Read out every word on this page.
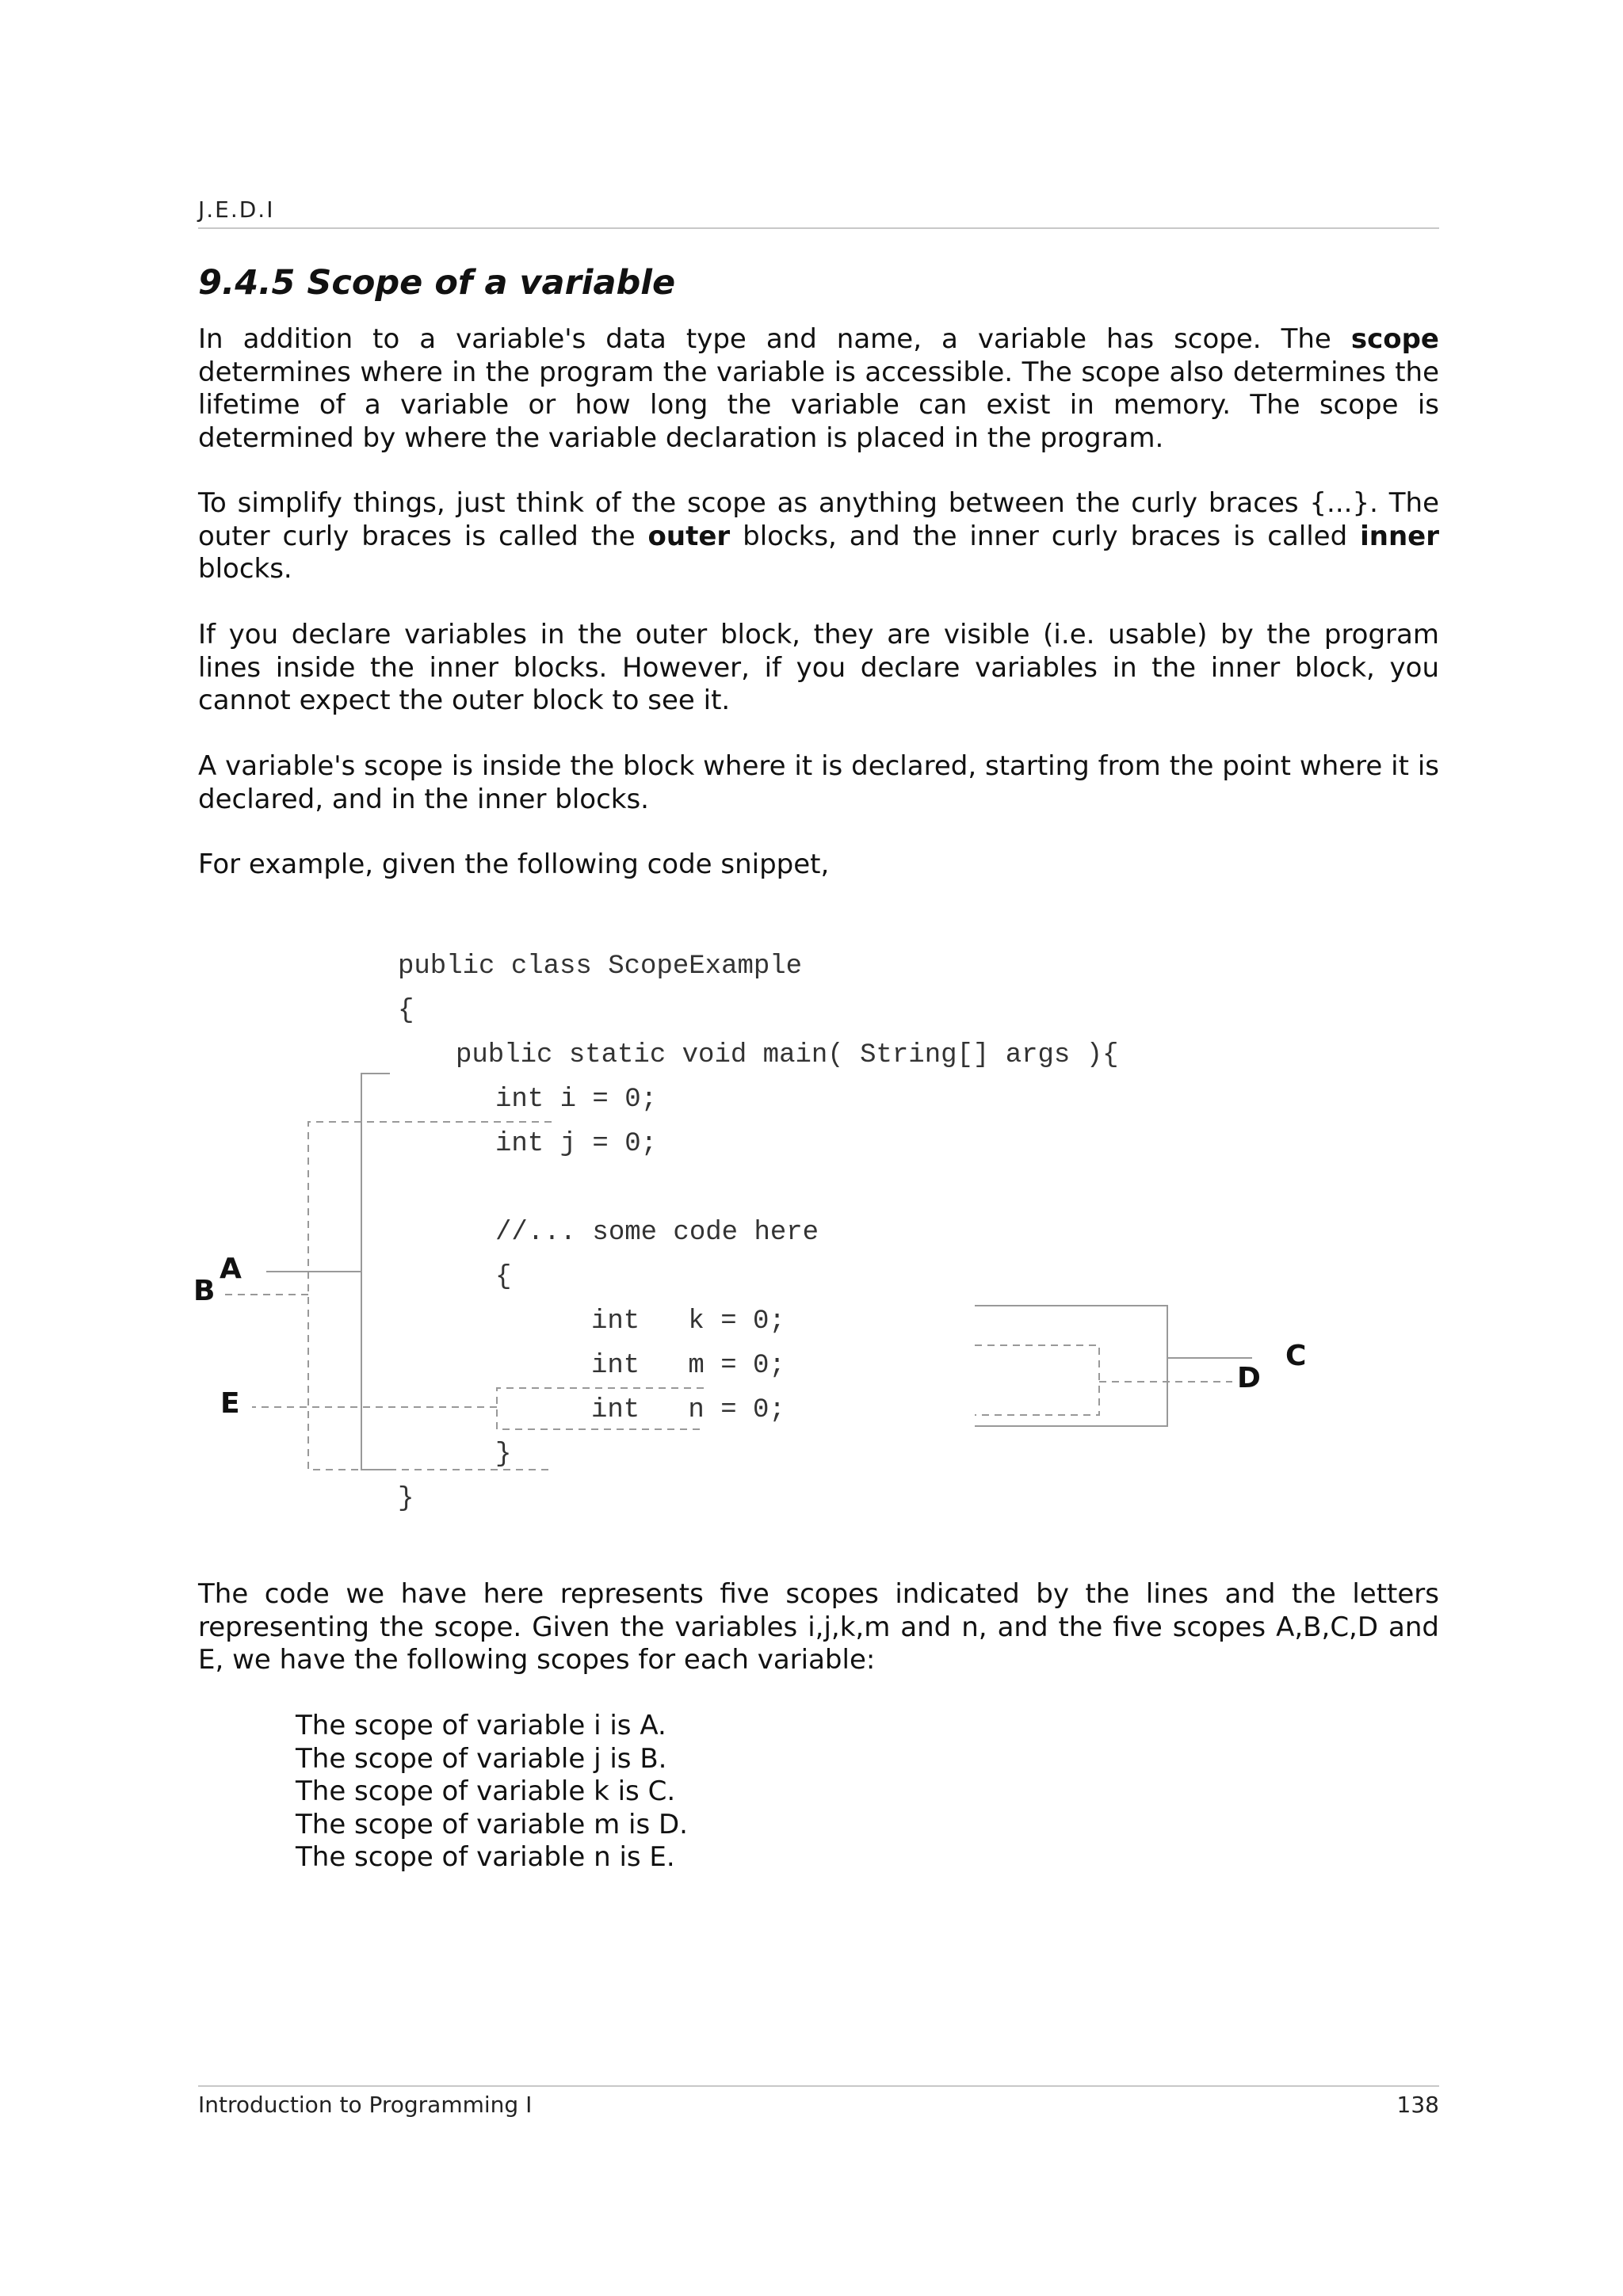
J.E.D.I
9.4.5 Scope of a variable

In addition to a variable's data type and name, a variable has scope. The scope determines where in the program the variable is accessible. The scope also determines the lifetime of a variable or how long the variable can exist in memory. The scope is determined by where the variable declaration is placed in the program.

To simplify things, just think of the scope as anything between the curly braces {...}. The outer curly braces is called the outer blocks, and the inner curly braces is called inner blocks.

If you declare variables in the outer block, they are visible (i.e. usable) by the program lines inside the inner blocks. However, if you declare variables in the inner block, you cannot expect the outer block to see it.

A variable's scope is inside the block where it is declared, starting from the point where it is declared, and in the inner blocks.

For example, given the following code snippet,

public class ScopeExample
{
public static void main( String[] args ){
int i = 0;
int j = 0;
//... some code here
{
int   k = 0;
int   m = 0;
int   n = 0;
}
}
A
B
C
D
E

The code we have here represents five scopes indicated by the lines and the letters representing the scope. Given the variables i,j,k,m and n, and the five scopes A,B,C,D and E, we have the following scopes for each variable:

The scope of variable i is A.
The scope of variable j is B.
The scope of variable k is C.
The scope of variable m is D.
The scope of variable n is E.
Introduction to Programming I	138
